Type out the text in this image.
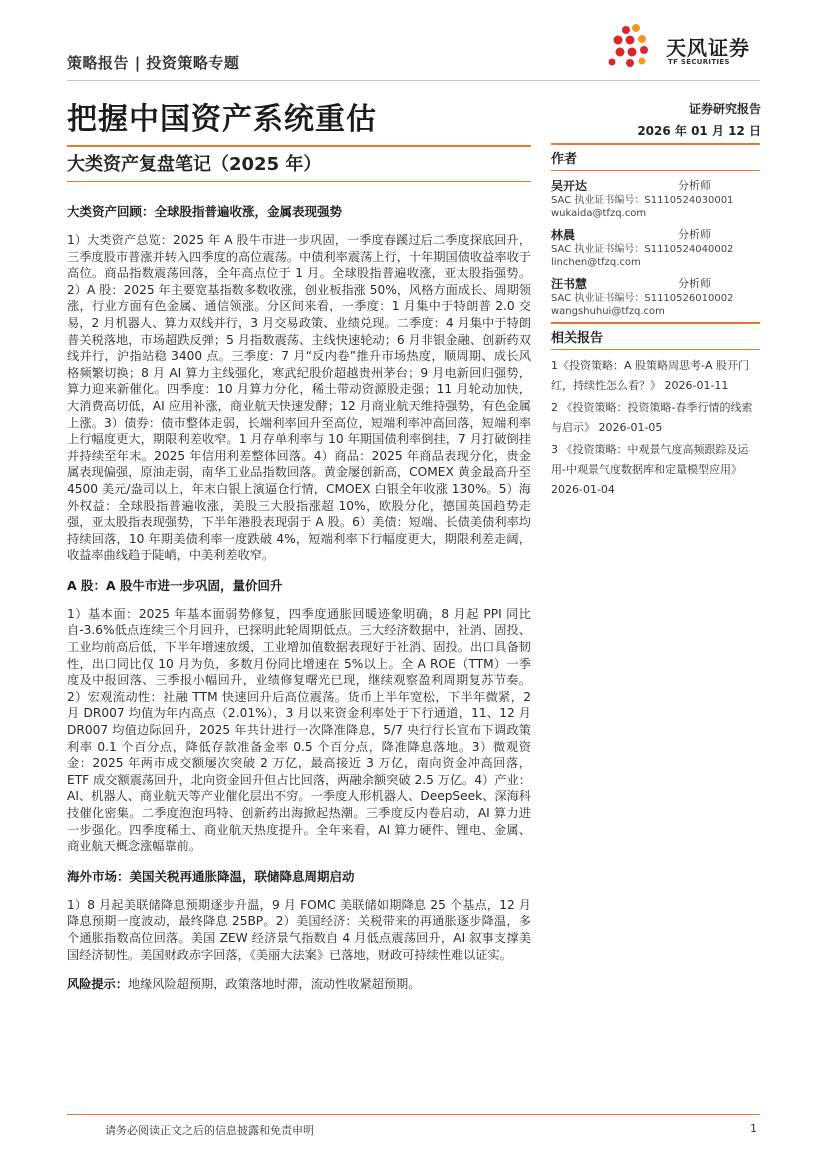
策略报告 | 投资策略专题
天风证券
TF SECURITIES
把握中国资产系统重估
大类资产复盘笔记（2025 年）
证券研究报告
2026 年 01 月 12 日
作者
吴开达	分析师
SAC 执业证书编号：S1110524030001
wukaida@tfzq.com
林晨	分析师
SAC 执业证书编号：S1110524040002
linchen@tfzq.com
汪书慧	分析师
SAC 执业证书编号：S1110526010002
wangshuhui@tfzq.com
相关报告
1《投资策略：A 股策略周思考-A 股开门红，持续性怎么看？》 2026-01-11
2 《投资策略：投资策略-春季行情的线索与启示》 2026-01-05
3 《投资策略：中观景气度高频跟踪及运用-中观景气度数据库和定量模型应用》 2026-01-04
大类资产回顾：全球股指普遍收涨，金属表现强势
1）大类资产总览：2025 年 A 股牛市进一步巩固，一季度春蹊过后二季度探底回升，三季度股市普涨并转入四季度的高位震荡。中债利率震荡上行，十年期国债收益率收于高位。商品指数震荡回落，全年高点位于 1 月。全球股指普遍收涨，亚太股指强势。2）A 股：2025 年主要宽基指数多数收涨，创业板指涨 50%，风格方面成长、周期领涨，行业方面有色金属、通信领涨。分区间来看，一季度：1 月集中于特朗普 2.0 交易，2 月机器人、算力双线并行，3 月交易政策、业绩兑现。二季度：4 月集中于特朗普关税落地，市场超跌反弹；5 月指数震荡、主线快速轮动；6 月非银金融、创新药双线并行，沪指站稳 3400 点。三季度：7 月“反内卷”推升市场热度，顺周期、成长风格频繁切换；8 月 AI 算力主线强化，寒武纪股价超越贵州茅台；9 月电新回归强势，算力迎来新催化。四季度：10 月算力分化，稀土带动资源股走强；11 月轮动加快，大消费高切低，AI 应用补涨，商业航天快速发酵；12 月商业航天维持强势，有色金属上涨。3）债券：债市整体走弱，长端利率回升至高位，短端利率冲高回落，短端利率上行幅度更大，期限利差收窄。1 月存单利率与 10 年期国债利率倒挂，7 月打破倒挂并持续至年末。2025 年信用利差整体回落。4）商品：2025 年商品表现分化，贵金属表现偏强，原油走弱，南华工业品指数回落。黄金屡创新高，COMEX 黄金最高升至 4500 美元/盎司以上，年末白银上演逼仓行情，CMOEX 白银全年收涨 130%。5）海外权益：全球股指普遍收涨，美股三大股指涨超 10%，欧股分化，德国英国趋势走强，亚太股指表现强势，下半年港股表现弱于 A 股。6）美债：短端、长债美债利率均持续回落，10 年期美债利率一度跌破 4%，短端利率下行幅度更大，期限利差走阔，收益率曲线趋于陡峭，中美利差收窄。
A 股：A 股牛市进一步巩固，量价回升
1）基本面：2025 年基本面弱势修复，四季度通胀回暖迹象明确，8 月起 PPI 同比自-3.6%低点连续三个月回升，已探明此轮周期低点。三大经济数据中，社消、固投、工业均前高后低，下半年增速放缓，工业增加值数据表现好于社消、固投。出口具备韧性，出口同比仅 10 月为负，多数月份同比增速在 5%以上。全 A ROE（TTM）一季度及中报回落、三季报小幅回升，业绩修复曙光已现，继续观察盈利周期复苏节奏。2）宏观流动性：社融 TTM 快速回升后高位震荡。货币上半年宽松，下半年微紧，2 月 DR007 均值为年内高点（2.01%），3 月以来资金利率处于下行通道，11、12 月 DR007 均值边际回升，2025 年共计进行一次降准降息，5/7 央行行长宣布下调政策利率 0.1 个百分点，降低存款准备金率 0.5 个百分点，降准降息落地。3）微观资金：2025 年两市成交额屡次突破 2 万亿，最高接近 3 万亿，南向资金冲高回落，ETF 成交额震荡回升，北向资金回升但占比回落，两融余额突破 2.5 万亿。4）产业：AI、机器人、商业航天等产业催化层出不穷。一季度人形机器人、DeepSeek、深海科技催化密集。二季度泡泡玛特、创新药出海掀起热潮。三季度反内卷启动，AI 算力进一步强化。四季度稀土、商业航天热度提升。全年来看，AI 算力硬件、锂电、金属、商业航天概念涨幅靠前。
海外市场：美国关税再通胀降温，联储降息周期启动
1）8 月起美联储降息预期逐步升温，9 月 FOMC 美联储如期降息 25 个基点，12 月降息预期一度波动，最终降息 25BP。2）美国经济：关税带来的再通胀逐步降温，多个通胀指数高位回落。美国 ZEW 经济景气指数自 4 月低点震荡回升，AI 叙事支撑美国经济韧性。美国财政赤字回落，《美丽大法案》已落地，财政可持续性难以证实。
风险提示：地缘风险超预期，政策落地时滞，流动性收紧超预期。
请务必阅读正文之后的信息披露和免责申明	1
